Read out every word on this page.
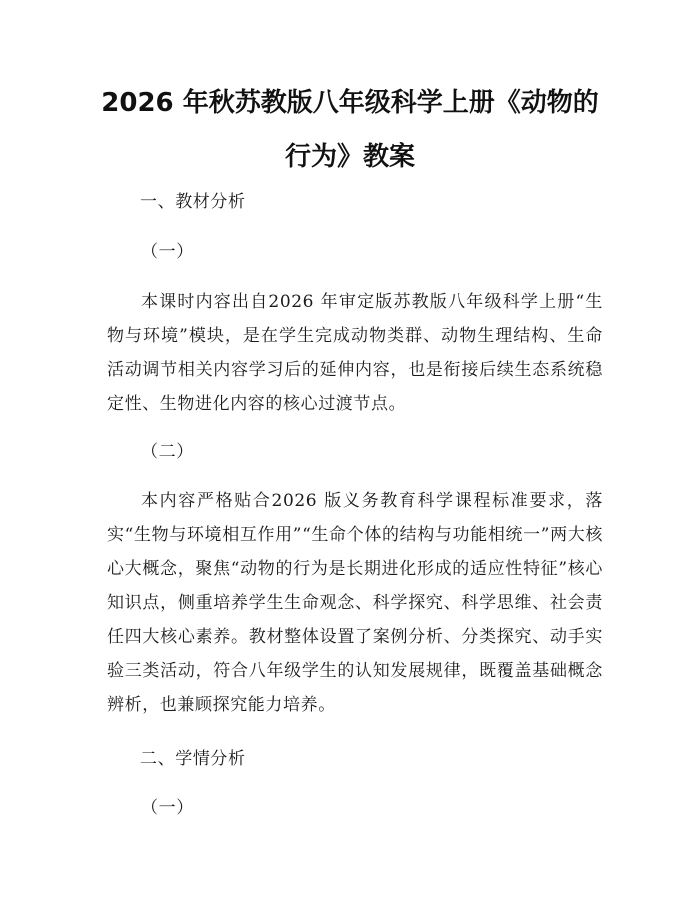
2026 年秋苏教版八年级科学上册《动物的行为》教案

一、教材分析

（一）

本课时内容出自2026 年审定版苏教版八年级科学上册“生物与环境”模块，是在学生完成动物类群、动物生理结构、生命活动调节相关内容学习后的延伸内容，也是衔接后续生态系统稳定性、生物进化内容的核心过渡节点。

（二）

本内容严格贴合2026 版义务教育科学课程标准要求，落实“生物与环境相互作用”“生命个体的结构与功能相统一”两大核心大概念，聚焦“动物的行为是长期进化形成的适应性特征”核心知识点，侧重培养学生生命观念、科学探究、科学思维、社会责任四大核心素养。教材整体设置了案例分析、分类探究、动手实验三类活动，符合八年级学生的认知发展规律，既覆盖基础概念辨析，也兼顾探究能力培养。

二、学情分析

（一）
